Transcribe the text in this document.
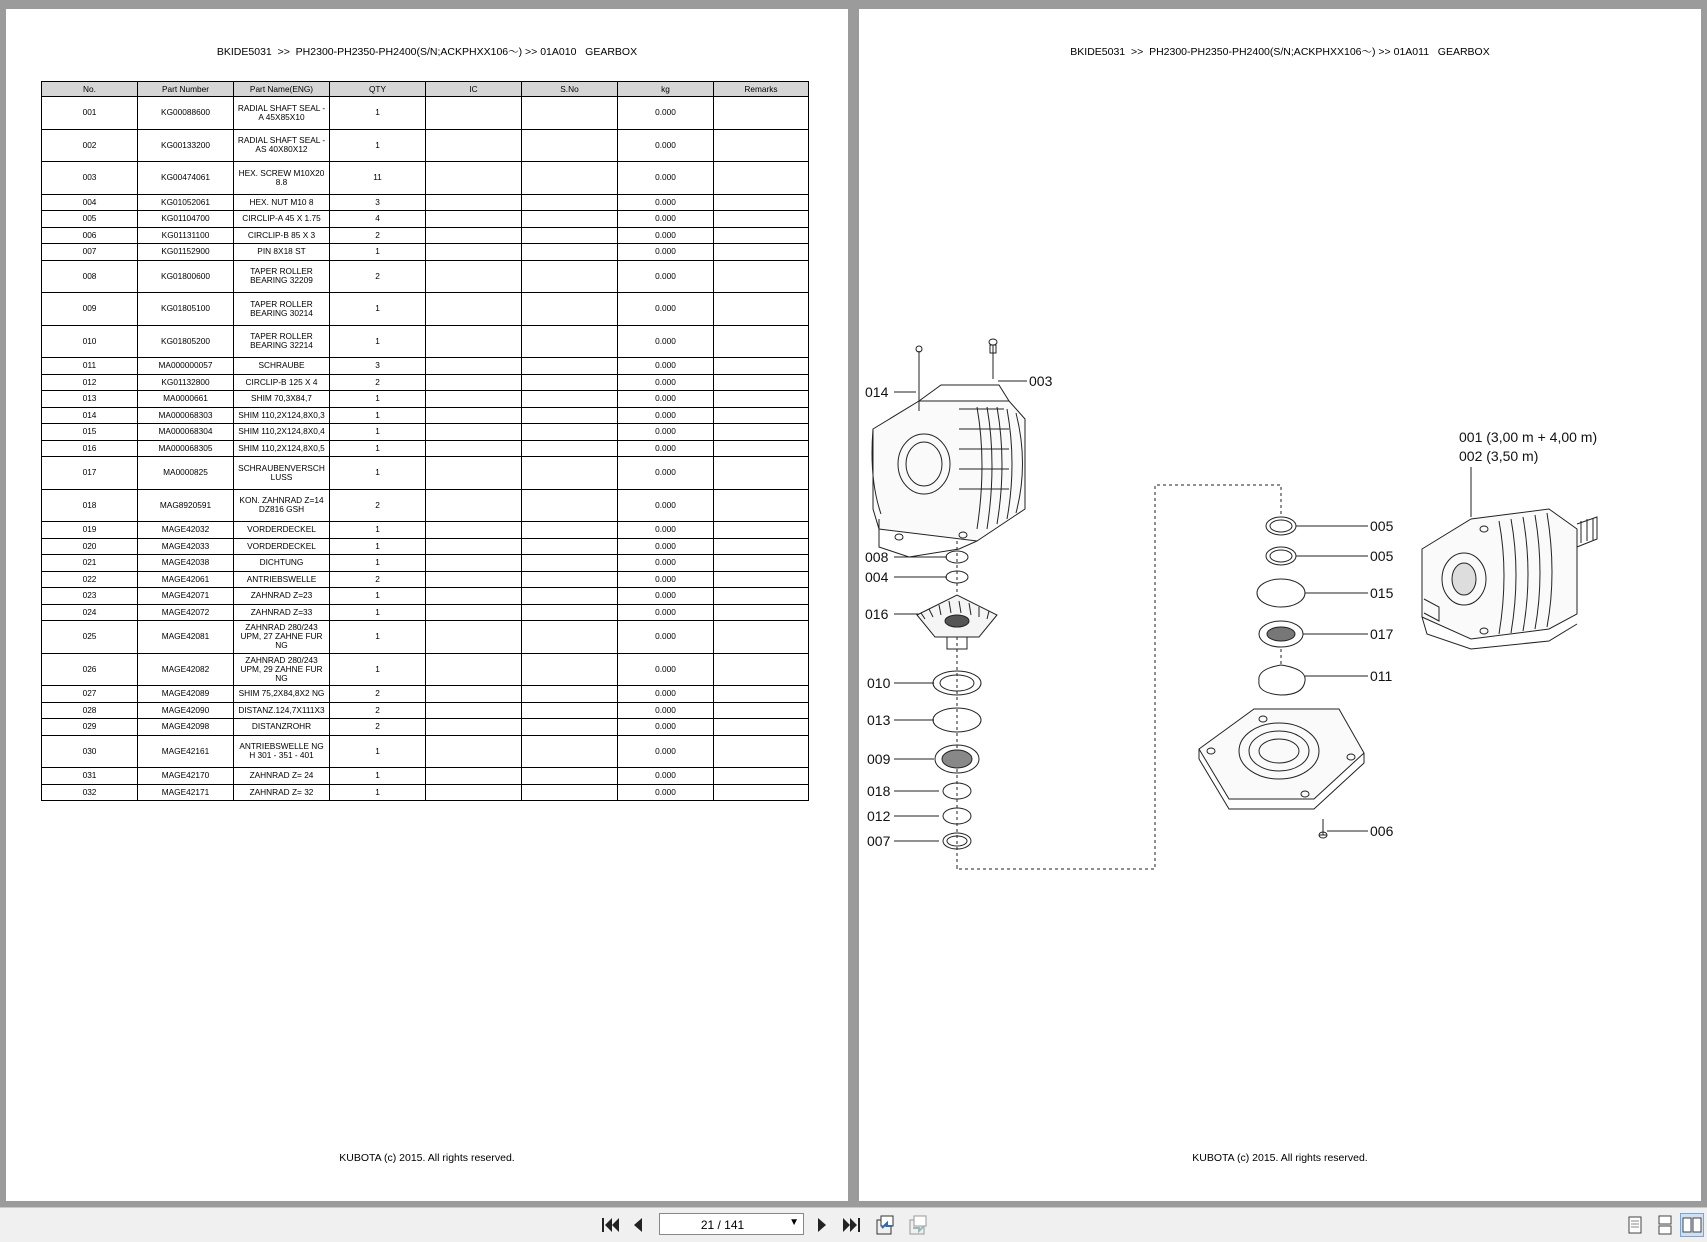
BKIDE5031  >>  PH2300-PH2350-PH2400(S/N;ACKPHXX106～) >> 01A010   GEARBOX
No.	Part Number	Part Name(ENG)	QTY	IC	S.No	kg	Remarks
001	KG00088600	RADIAL SHAFT SEAL - A 45X85X10	1			0.000	
002	KG00133200	RADIAL SHAFT SEAL - AS 40X80X12	1			0.000	
003	KG00474061	HEX. SCREW M10X20 8.8	11			0.000	
004	KG01052061	HEX. NUT M10 8	3			0.000	
005	KG01104700	CIRCLIP-A 45 X 1.75	4			0.000	
006	KG01131100	CIRCLIP-B 85 X 3	2			0.000	
007	KG01152900	PIN 8X18 ST	1			0.000	
008	KG01800600	TAPER ROLLER BEARING 32209	2			0.000	
009	KG01805100	TAPER ROLLER BEARING 30214	1			0.000	
010	KG01805200	TAPER ROLLER BEARING 32214	1			0.000	
011	MA000000057	SCHRAUBE	3			0.000	
012	KG01132800	CIRCLIP-B 125 X 4	2			0.000	
013	MA0000661	SHIM 70,3X84,7	1			0.000	
014	MA000068303	SHIM 110,2X124,8X0,3	1			0.000	
015	MA000068304	SHIM 110,2X124,8X0,4	1			0.000	
016	MA000068305	SHIM 110,2X124,8X0,5	1			0.000	
017	MA0000825	SCHRAUBENVERSCH LUSS	1			0.000	
018	MAG8920591	KON. ZAHNRAD Z=14 DZ816 GSH	2			0.000	
019	MAGE42032	VORDERDECKEL	1			0.000	
020	MAGE42033	VORDERDECKEL	1			0.000	
021	MAGE42038	DICHTUNG	1			0.000	
022	MAGE42061	ANTRIEBSWELLE	2			0.000	
023	MAGE42071	ZAHNRAD Z=23	1			0.000	
024	MAGE42072	ZAHNRAD Z=33	1			0.000	
025	MAGE42081	ZAHNRAD 280/243 UPM, 27 ZAHNE FUR NG	1			0.000	
026	MAGE42082	ZAHNRAD 280/243 UPM, 29 ZAHNE FUR NG	1			0.000	
027	MAGE42089	SHIM 75,2X84,8X2 NG	2			0.000	
028	MAGE42090	DISTANZ.124,7X111X3	2			0.000	
029	MAGE42098	DISTANZROHR	2			0.000	
030	MAGE42161	ANTRIEBSWELLE NG H 301 - 351 - 401	1			0.000	
031	MAGE42170	ZAHNRAD Z= 24	1			0.000	
032	MAGE42171	ZAHNRAD Z= 32	1			0.000	
KUBOTA (c) 2015. All rights reserved.
BKIDE5031  >>  PH2300-PH2350-PH2400(S/N;ACKPHXX106～) >> 01A011   GEARBOX
014
003
008
004
016
010
013
009
018
012
007
005
005
015
017
011
006
001 (3,00 m + 4,00 m)
002 (3,50 m)
KUBOTA (c) 2015. All rights reserved.
21 / 141	▼
